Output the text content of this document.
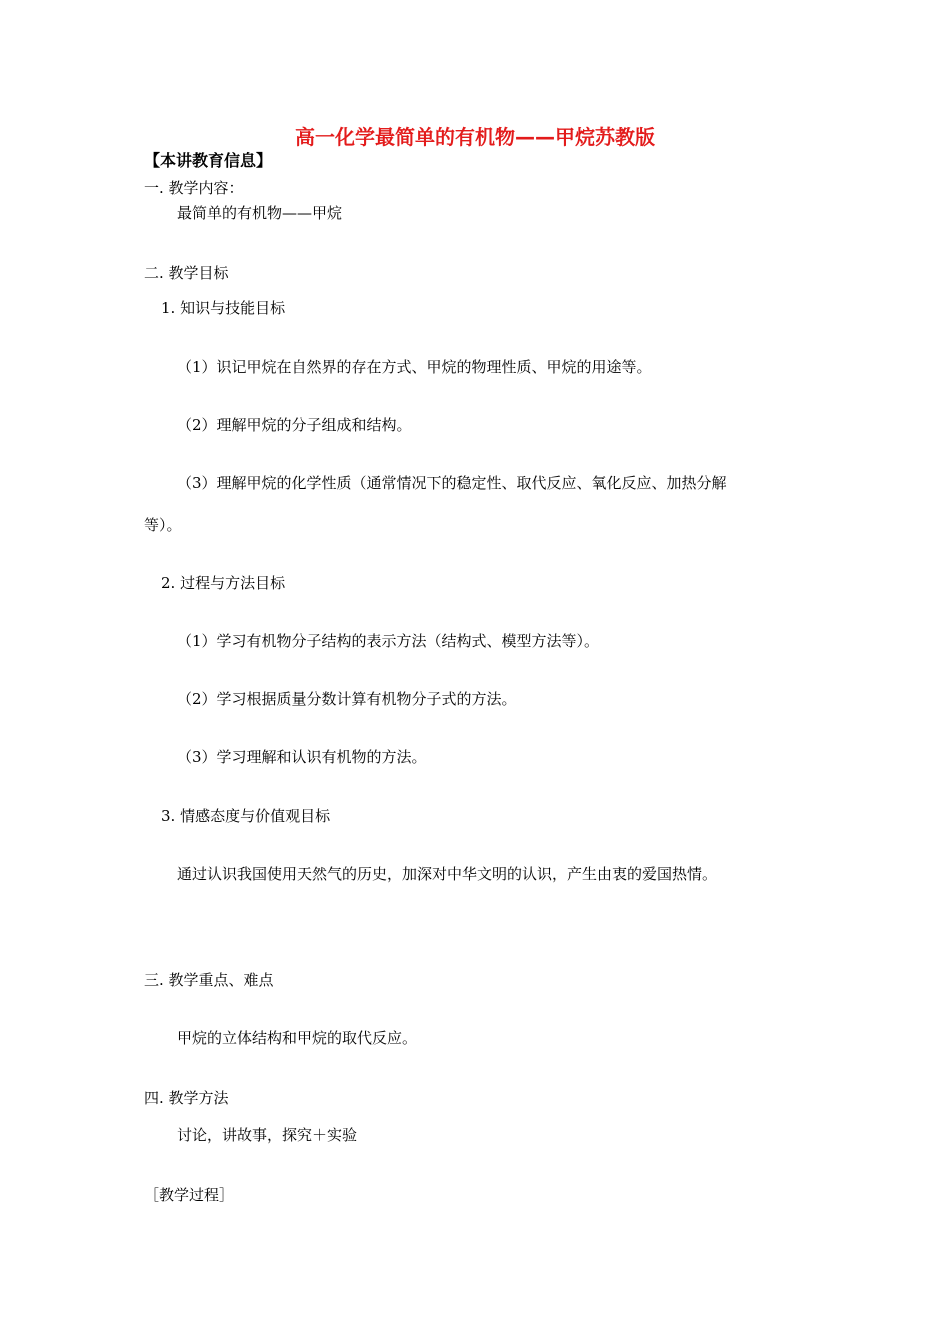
高一化学最简单的有机物——甲烷苏教版
【本讲教育信息】
一. 教学内容：
最简单的有机物——甲烷
二. 教学目标
1. 知识与技能目标
（1）识记甲烷在自然界的存在方式、甲烷的物理性质、甲烷的用途等。
（2）理解甲烷的分子组成和结构。
（3）理解甲烷的化学性质（通常情况下的稳定性、取代反应、氧化反应、加热分解
等）。
2. 过程与方法目标
（1）学习有机物分子结构的表示方法（结构式、模型方法等）。
（2）学习根据质量分数计算有机物分子式的方法。
（3）学习理解和认识有机物的方法。
3. 情感态度与价值观目标
通过认识我国使用天然气的历史，加深对中华文明的认识，产生由衷的爱国热情。
三. 教学重点、难点
甲烷的立体结构和甲烷的取代反应。
四. 教学方法
讨论，讲故事，探究＋实验
［教学过程］
